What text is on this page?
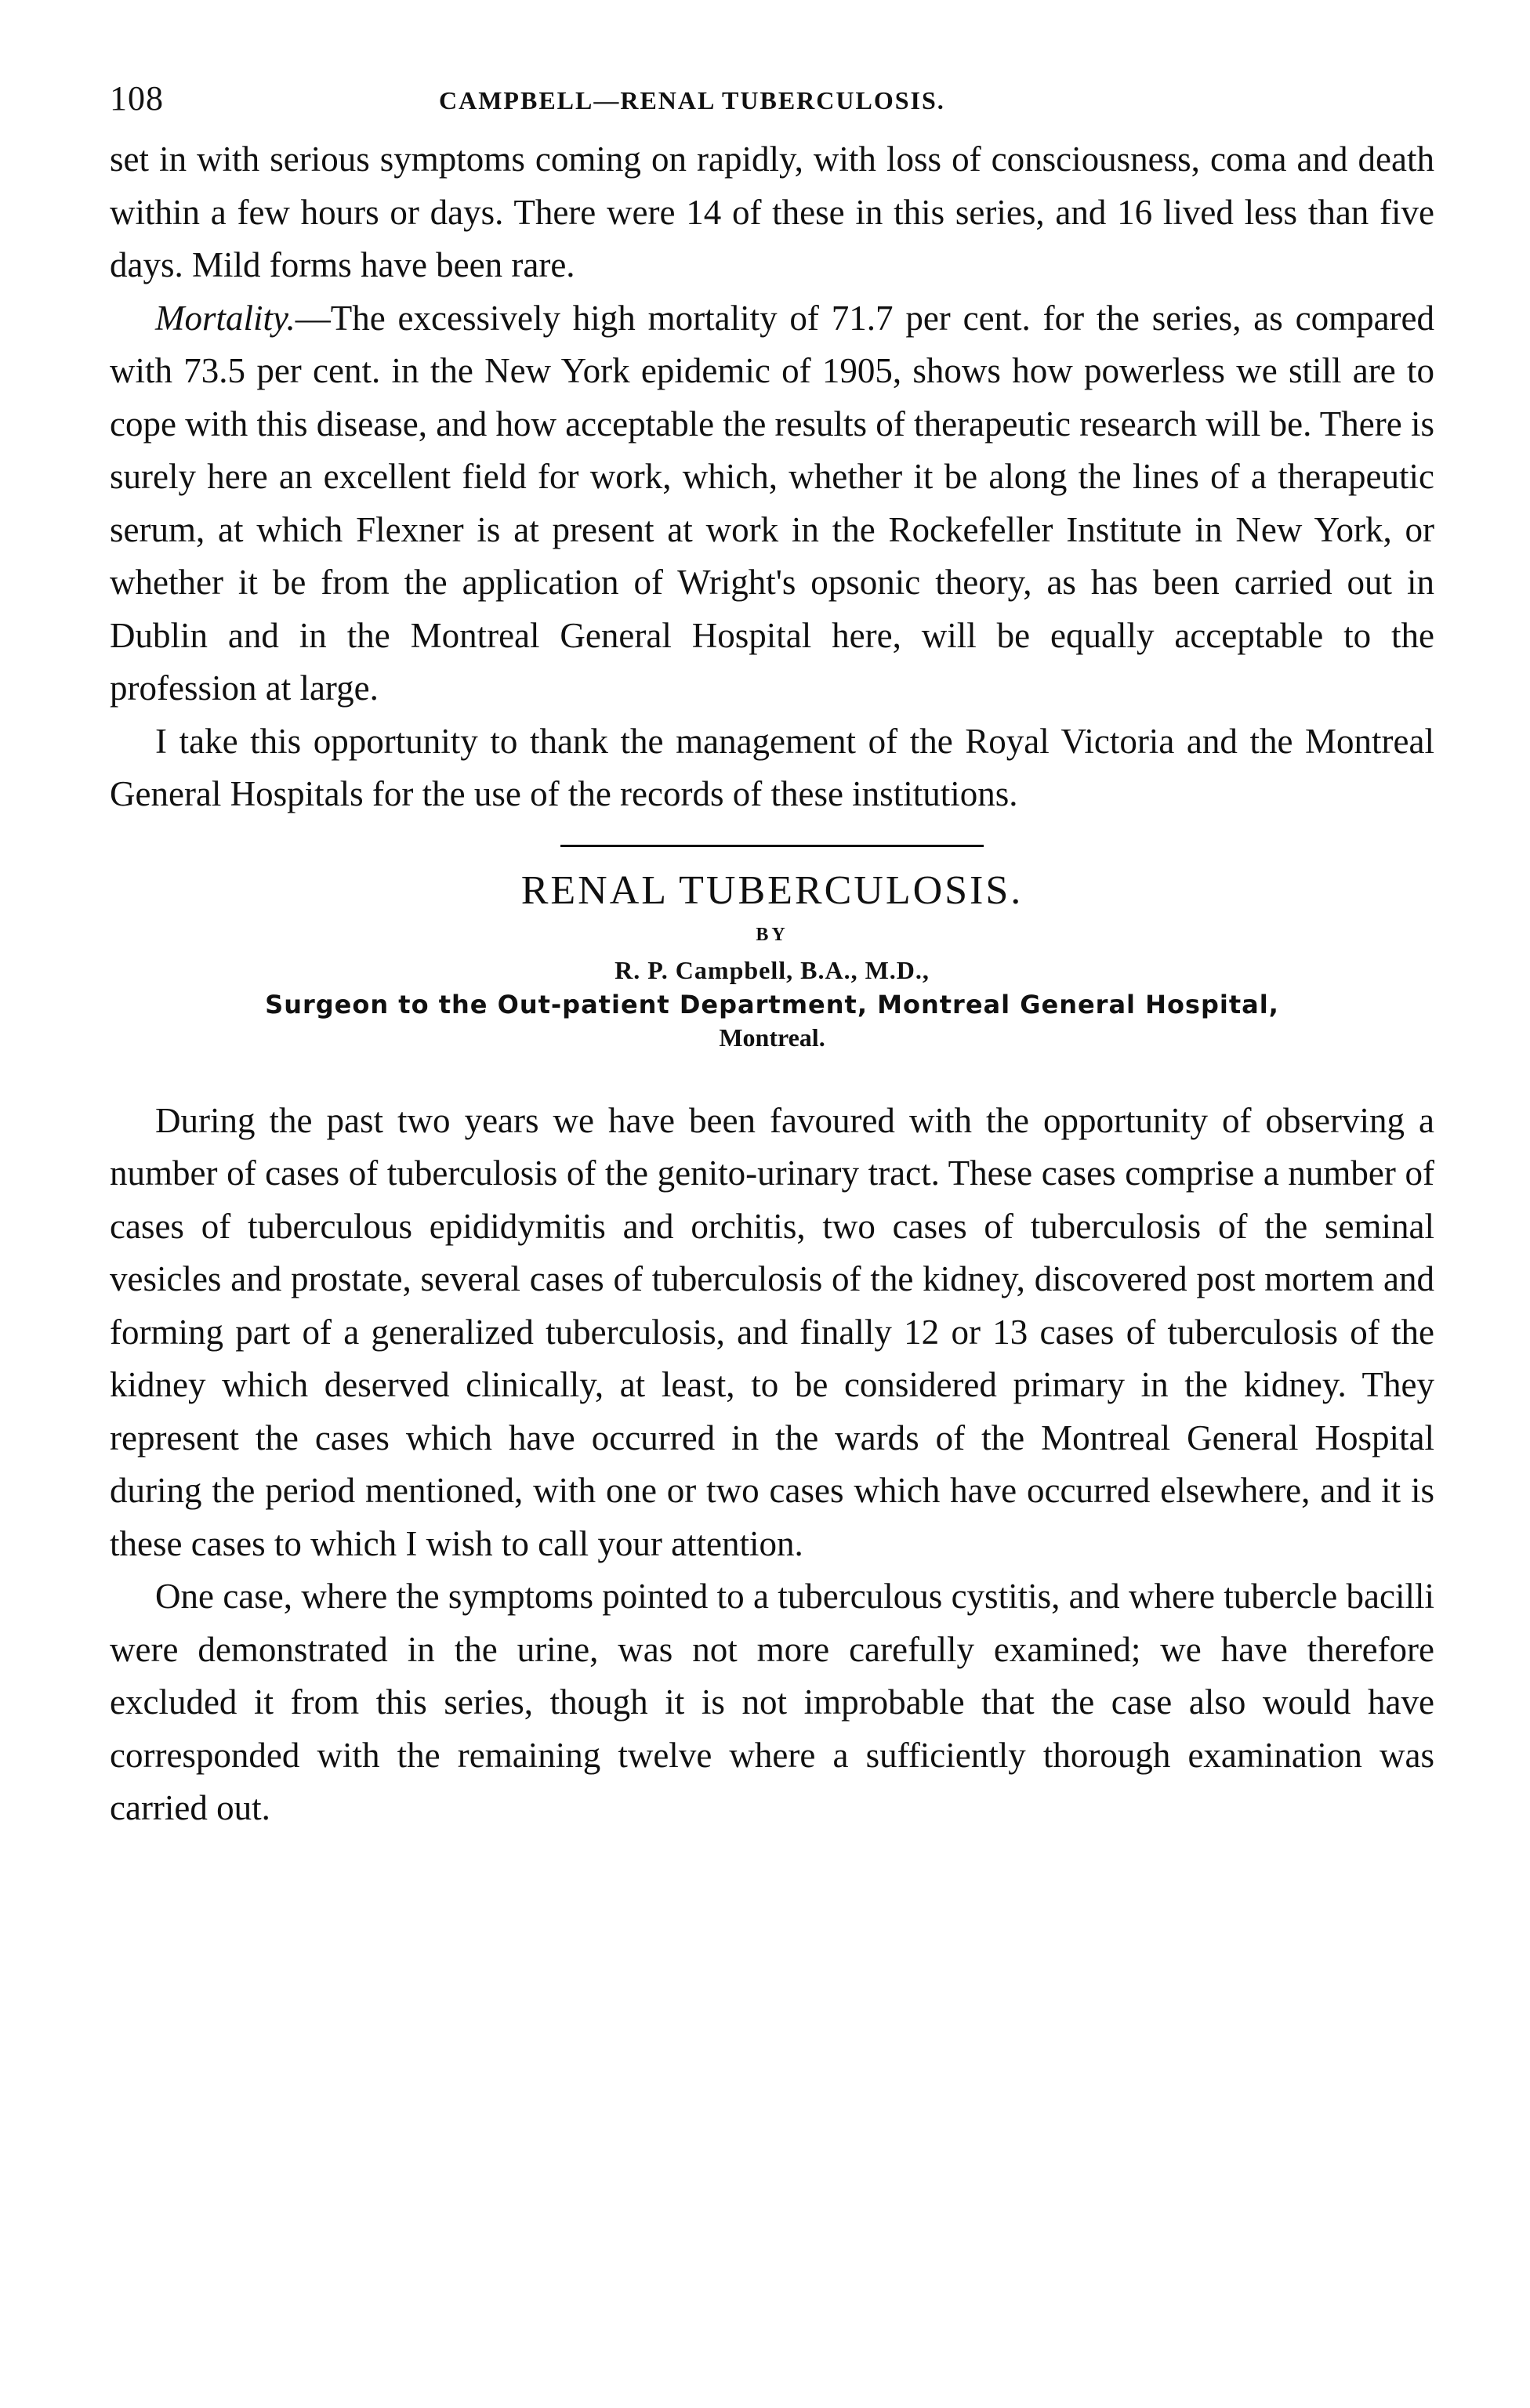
108	CAMPBELL—RENAL TUBERCULOSIS.

set in with serious symptoms coming on rapidly, with loss of consciousness, coma and death within a few hours or days. There were 14 of these in this series, and 16 lived less than five days. Mild forms have been rare.

Mortality.—The excessively high mortality of 71.7 per cent. for the series, as compared with 73.5 per cent. in the New York epidemic of 1905, shows how powerless we still are to cope with this disease, and how acceptable the results of therapeutic research will be. There is surely here an excellent field for work, which, whether it be along the lines of a therapeutic serum, at which Flexner is at present at work in the Rockefeller Institute in New York, or whether it be from the application of Wright's opsonic theory, as has been carried out in Dublin and in the Montreal General Hospital here, will be equally acceptable to the profession at large.

I take this opportunity to thank the management of the Royal Victoria and the Montreal General Hospitals for the use of the records of these institutions.

RENAL TUBERCULOSIS.
BY
R. P. Campbell, B.A., M.D.,
Surgeon to the Out-patient Department, Montreal General Hospital,
Montreal.

During the past two years we have been favoured with the opportunity of observing a number of cases of tuberculosis of the genito-urinary tract. These cases comprise a number of cases of tuberculous epididymitis and orchitis, two cases of tuberculosis of the seminal vesicles and prostate, several cases of tuberculosis of the kidney, discovered post mortem and forming part of a generalized tuberculosis, and finally 12 or 13 cases of tuberculosis of the kidney which deserved clinically, at least, to be considered primary in the kidney. They represent the cases which have occurred in the wards of the Montreal General Hospital during the period mentioned, with one or two cases which have occurred elsewhere, and it is these cases to which I wish to call your attention.

One case, where the symptoms pointed to a tuberculous cystitis, and where tubercle bacilli were demonstrated in the urine, was not more carefully examined; we have therefore excluded it from this series, though it is not improbable that the case also would have corresponded with the remaining twelve where a sufficiently thorough examination was carried out.
